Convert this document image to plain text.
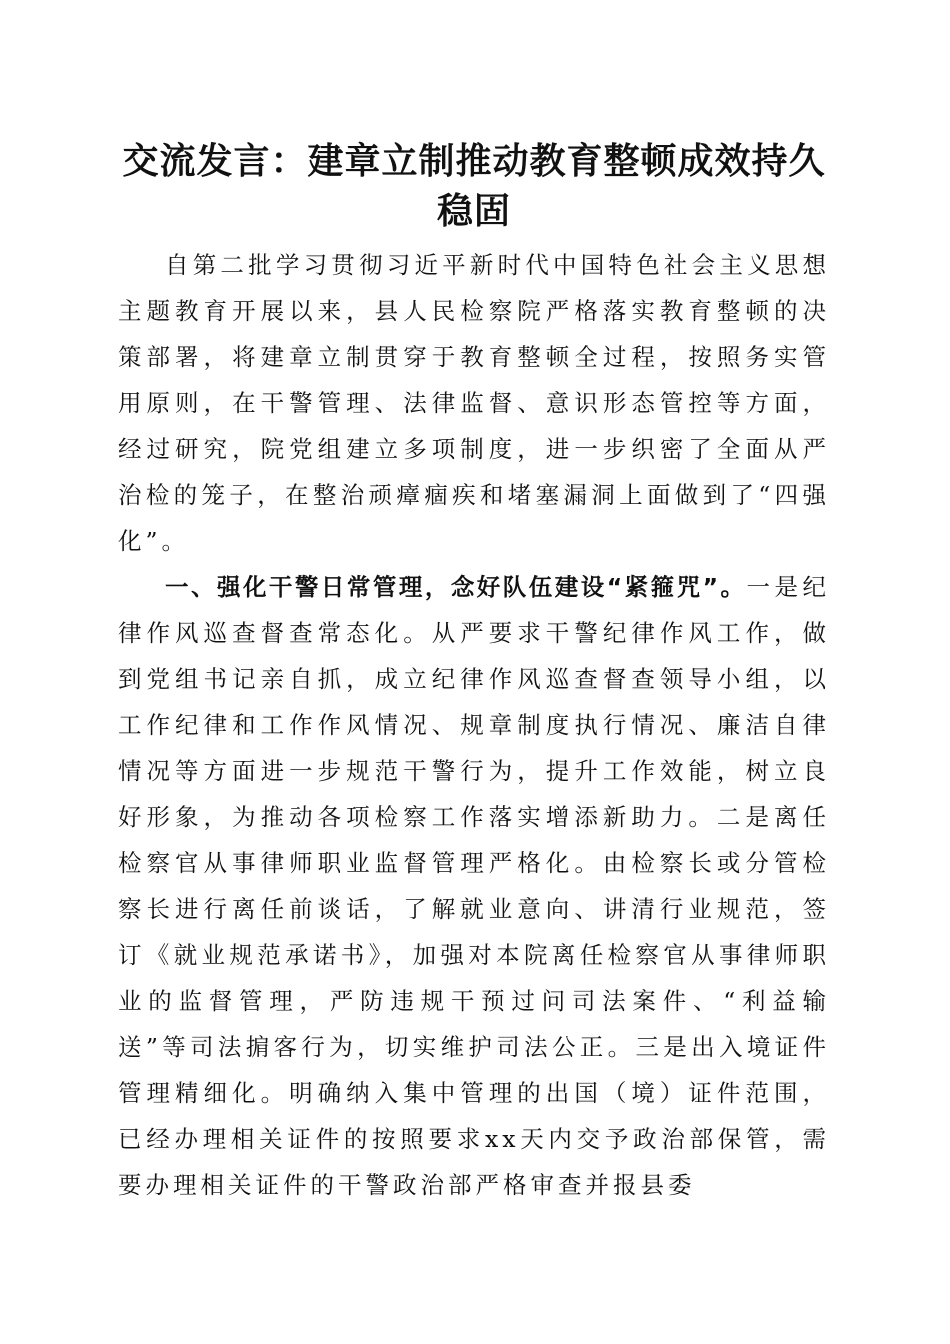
交流发言：建章立制推动教育整顿成效持久稳固

自第二批学习贯彻习近平新时代中国特色社会主义思想主题教育开展以来，县人民检察院严格落实教育整顿的决策部署，将建章立制贯穿于教育整顿全过程，按照务实管用原则，在干警管理、法律监督、意识形态管控等方面，经过研究，院党组建立多项制度，进一步织密了全面从严治检的笼子，在整治顽瘴痼疾和堵塞漏洞上面做到了“四强化”。

一、强化干警日常管理，念好队伍建设“紧箍咒”。一是纪律作风巡查督查常态化。从严要求干警纪律作风工作，做到党组书记亲自抓，成立纪律作风巡查督查领导小组，以工作纪律和工作作风情况、规章制度执行情况、廉洁自律情况等方面进一步规范干警行为，提升工作效能，树立良好形象，为推动各项检察工作落实增添新助力。二是离任检察官从事律师职业监督管理严格化。由检察长或分管检察长进行离任前谈话，了解就业意向、讲清行业规范，签订《就业规范承诺书》，加强对本院离任检察官从事律师职业的监督管理，严防违规干预过问司法案件、“利益输送”等司法掮客行为，切实维护司法公正。三是出入境证件管理精细化。明确纳入集中管理的出国（境）证件范围，已经办理相关证件的按照要求xx天内交予政治部保管，需要办理相关证件的干警政治部严格审查并报县委
